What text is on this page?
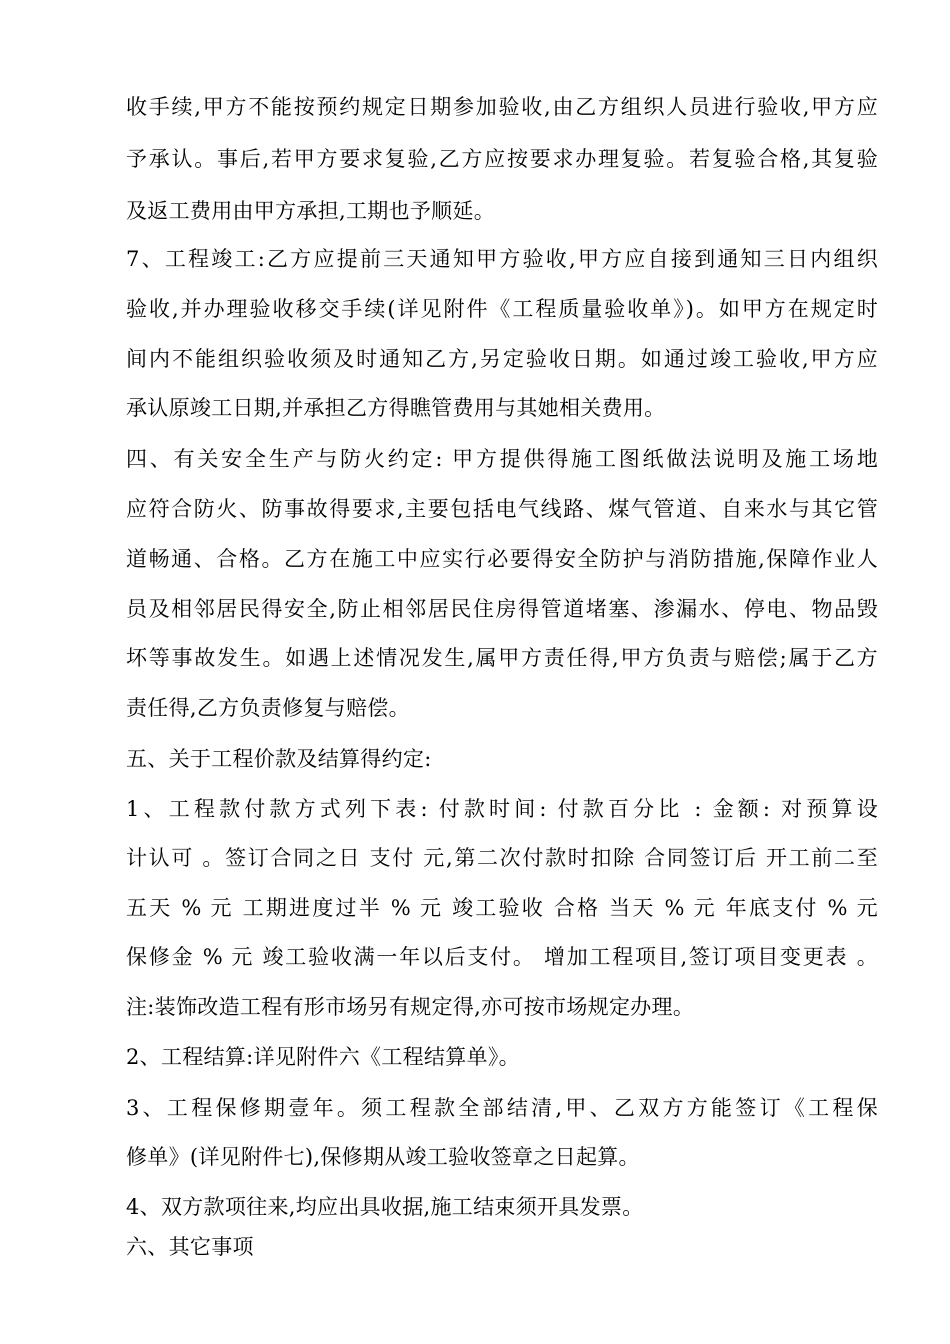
收手续,甲方不能按预约规定日期参加验收,由乙方组织人员进行验收,甲方应
予承认。事后,若甲方要求复验,乙方应按要求办理复验。若复验合格,其复验
及返工费用由甲方承担,工期也予顺延。
7、工程竣工:乙方应提前三天通知甲方验收,甲方应自接到通知三日内组织
验收,并办理验收移交手续(详见附件《工程质量验收单》)。如甲方在规定时
间内不能组织验收须及时通知乙方,另定验收日期。如通过竣工验收,甲方应
承认原竣工日期,并承担乙方得瞧管费用与其她相关费用。
四、有关安全生产与防火约定: 甲方提供得施工图纸做法说明及施工场地
应符合防火、防事故得要求,主要包括电气线路、煤气管道、自来水与其它管
道畅通、合格。乙方在施工中应实行必要得安全防护与消防措施,保障作业人
员及相邻居民得安全,防止相邻居民住房得管道堵塞、渗漏水、停电、物品毁
坏等事故发生。如遇上述情况发生,属甲方责任得,甲方负责与赔偿;属于乙方
责任得,乙方负责修复与赔偿。
五、关于工程价款及结算得约定:
1、工程款付款方式列下表: 付款时间: 付款百分比 : 金额: 对预算设
计认可 。签订合同之日 支付 元,第二次付款时扣除 合同签订后 开工前二至
五天 % 元 工期进度过半 % 元 竣工验收 合格 当天 % 元 年底支付 % 元
保修金 % 元 竣工验收满一年以后支付。 增加工程项目,签订项目变更表 。
注:装饰改造工程有形市场另有规定得,亦可按市场规定办理。
2、工程结算:详见附件六《工程结算单》。
3、工程保修期壹年。须工程款全部结清,甲、乙双方方能签订《工程保
修单》(详见附件七),保修期从竣工验收签章之日起算。
4、双方款项往来,均应出具收据,施工结束须开具发票。
六、其它事项
